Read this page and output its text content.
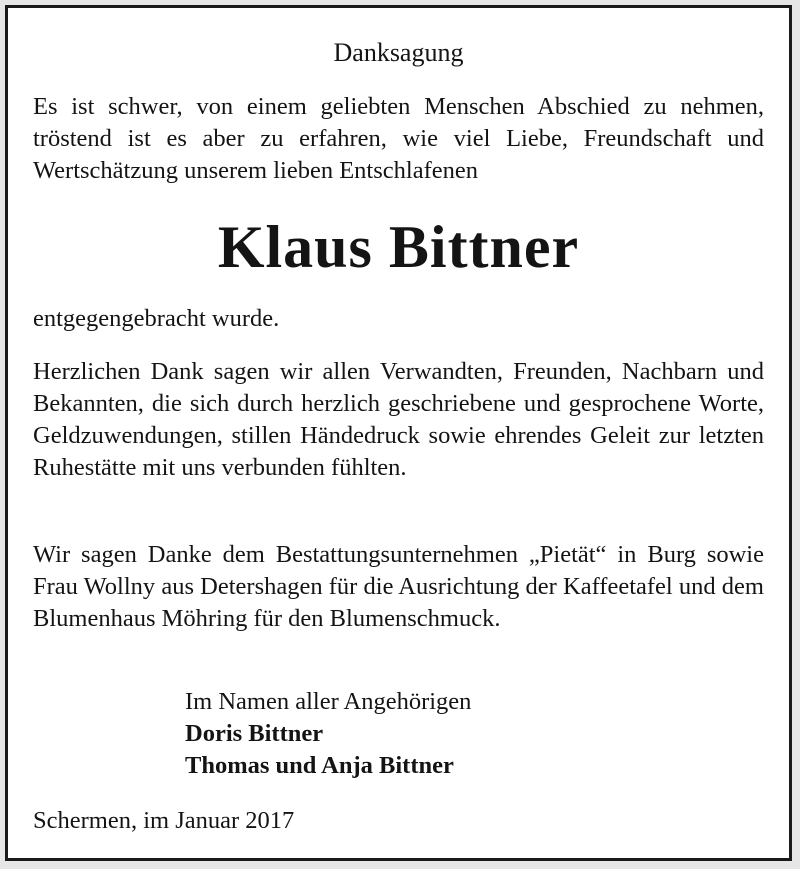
Danksagung
Es ist schwer, von einem geliebten Menschen Abschied zu nehmen, tröstend ist es aber zu erfahren, wie viel Liebe, Freundschaft und Wertschätzung unserem lieben Entschlafenen
Klaus Bittner
entgegengebracht wurde.
Herzlichen Dank sagen wir allen Verwandten, Freunden, Nachbarn und Bekannten, die sich durch herzlich geschriebene und gesprochene Worte, Geldzuwendungen, stillen Händedruck sowie ehrendes Geleit zur letzten Ruhestätte mit uns verbunden fühlten.
Wir sagen Danke dem Bestattungsunternehmen „Pietät“ in Burg sowie Frau Wollny aus Detershagen für die Ausrichtung der Kaffeetafel und dem Blumenhaus Möhring für den Blumenschmuck.
Im Namen aller Angehörigen
Doris Bittner
Thomas und Anja Bittner
Schermen, im Januar 2017
